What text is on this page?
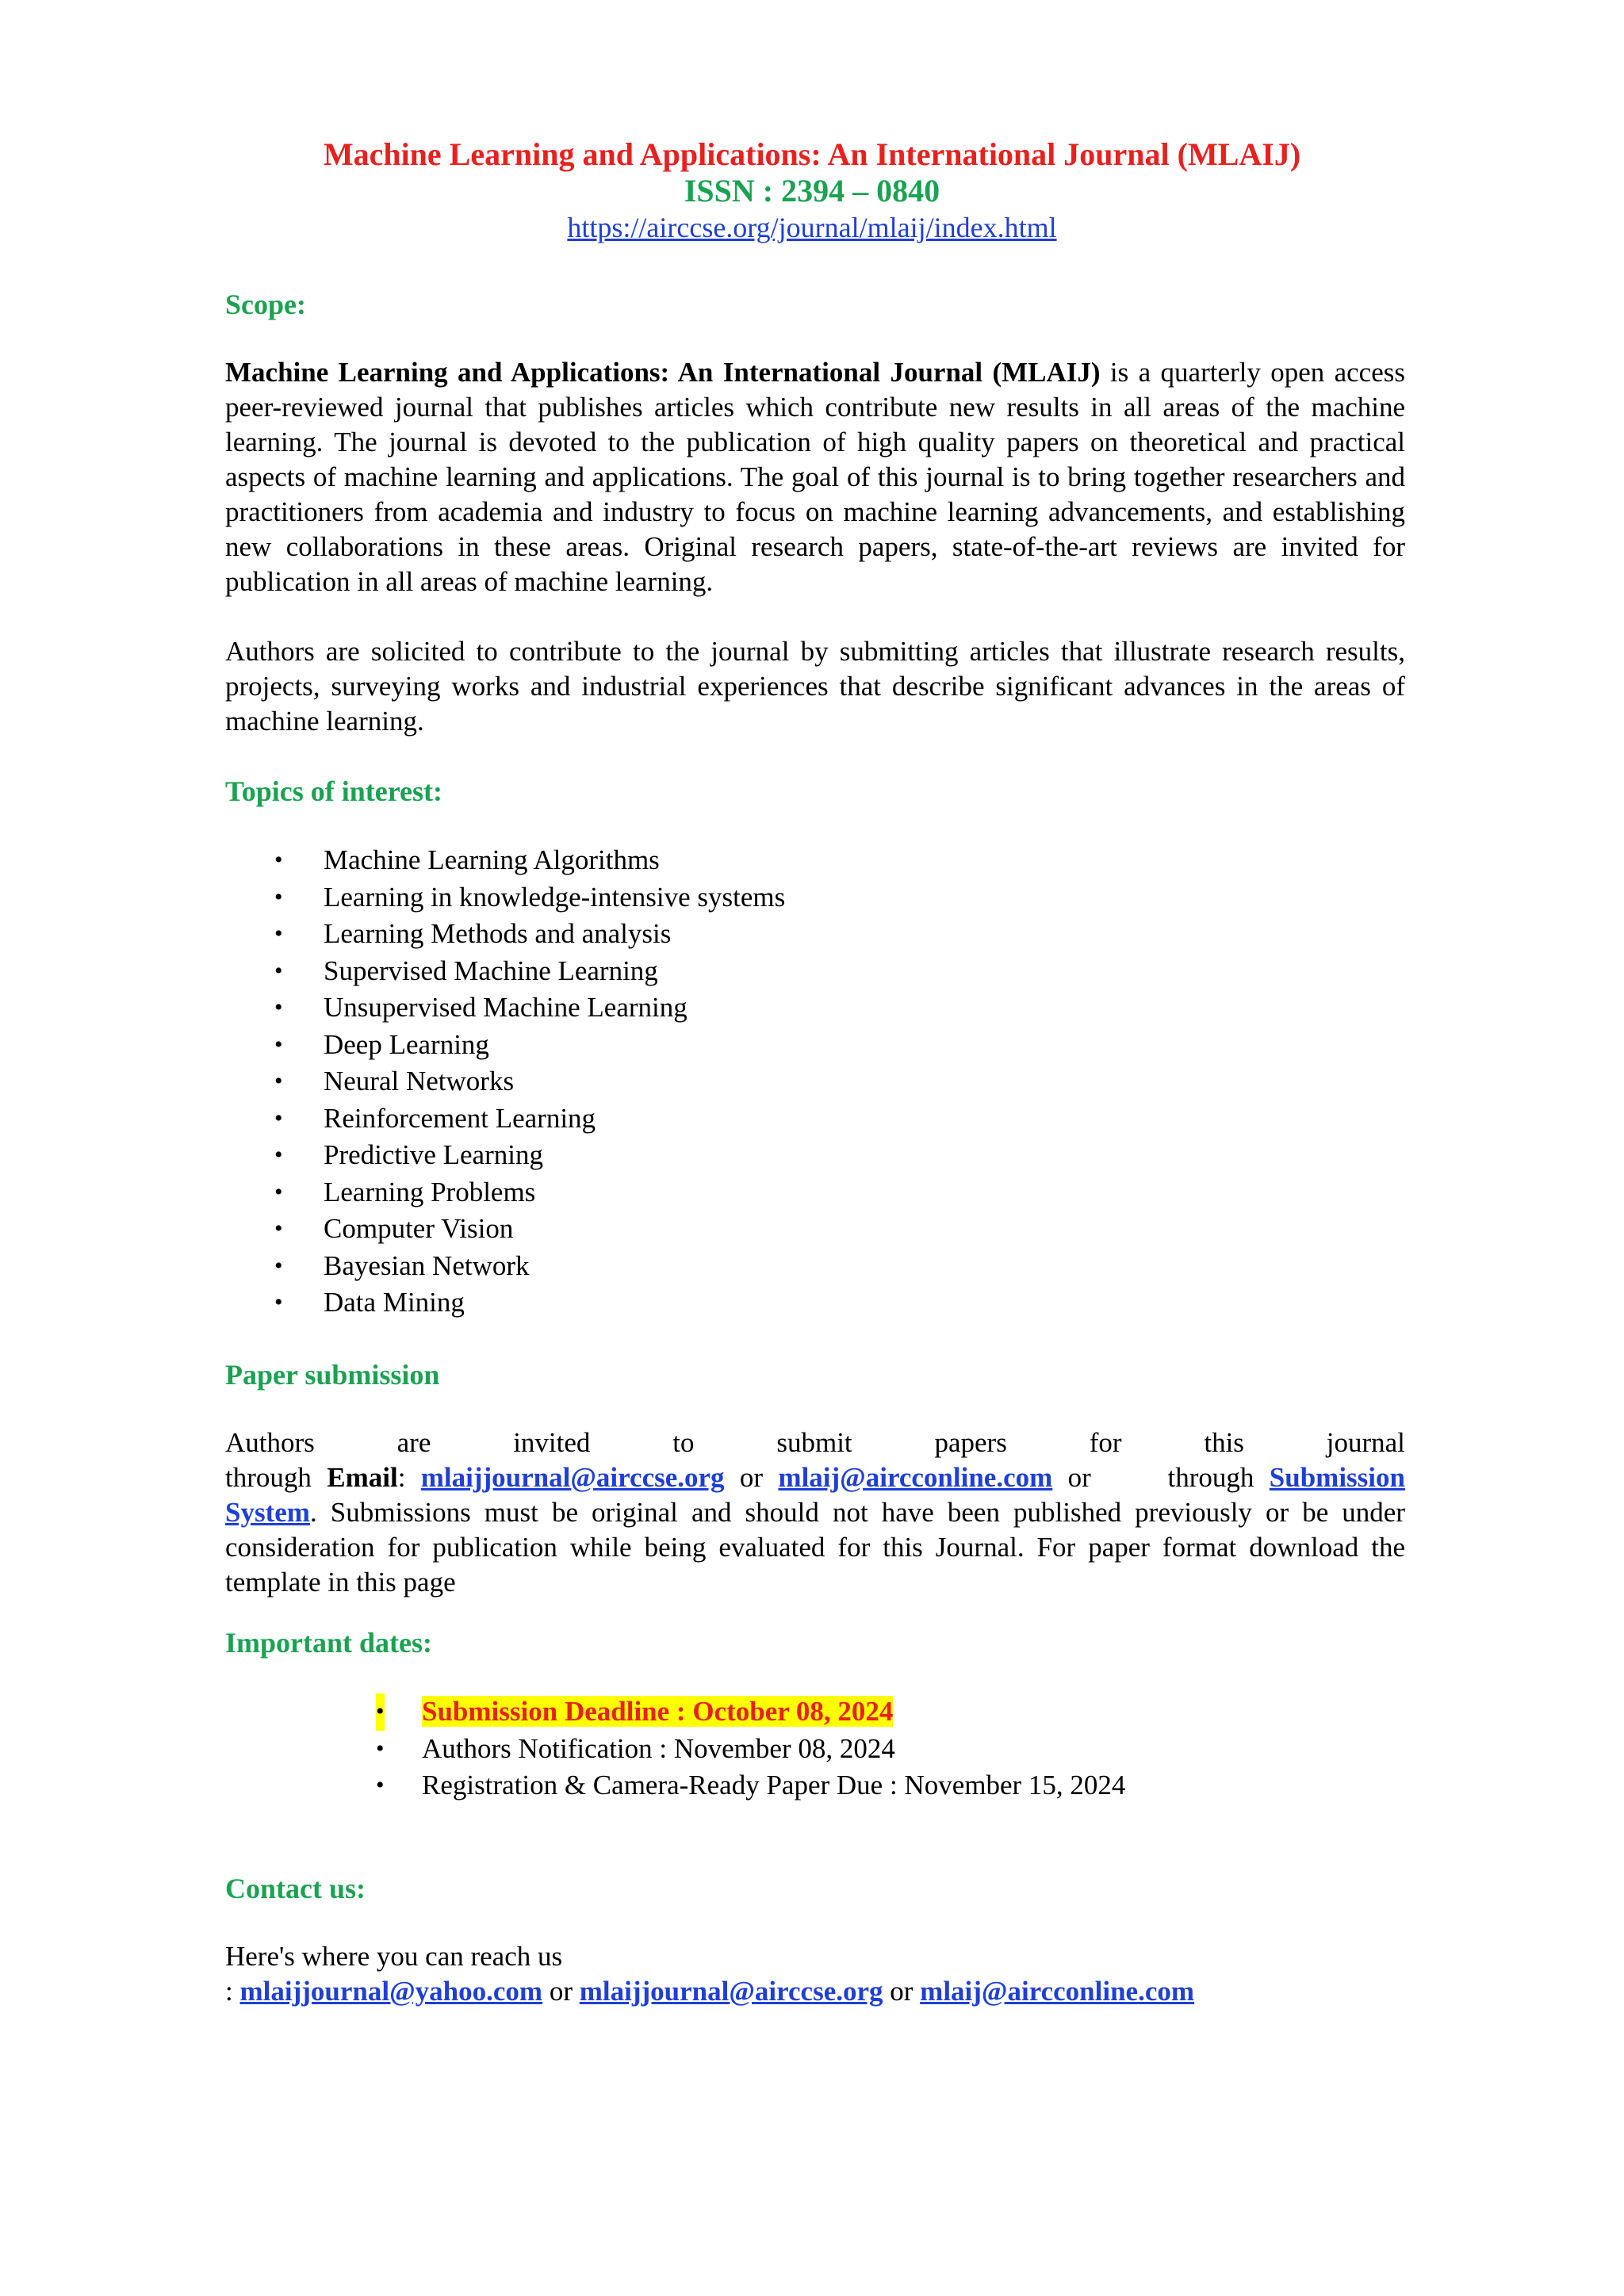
Machine Learning and Applications: An International Journal (MLAIJ)
ISSN : 2394 – 0840
https://airccse.org/journal/mlaij/index.html
Scope:

Machine Learning and Applications: An International Journal (MLAIJ) is a quarterly open access peer-reviewed journal that publishes articles which contribute new results in all areas of the machine learning. The journal is devoted to the publication of high quality papers on theoretical and practical aspects of machine learning and applications. The goal of this journal is to bring together researchers and practitioners from academia and industry to focus on machine learning advancements, and establishing new collaborations in these areas. Original research papers, state-of-the-art reviews are invited for publication in all areas of machine learning.

Authors are solicited to contribute to the journal by submitting articles that illustrate research results, projects, surveying works and industrial experiences that describe significant advances in the areas of machine learning.

Topics of interest:
• Machine Learning Algorithms
• Learning in knowledge-intensive systems
• Learning Methods and analysis
• Supervised Machine Learning
• Unsupervised Machine Learning
• Deep Learning
• Neural Networks
• Reinforcement Learning
• Predictive Learning
• Learning Problems
• Computer Vision
• Bayesian Network
• Data Mining
Paper submission
Authors	are	invited	to	submit	papers	for	this	journal

through Email: mlaijjournal@airccse.org or mlaij@aircconline.com or     through Submission System. Submissions must be original and should not have been published previously or be under consideration for publication while being evaluated for this Journal. For paper format download the template in this page

Important dates:
• Submission Deadline : October 08, 2024
• Authors Notification : November 08, 2024
• Registration & Camera-Ready Paper Due : November 15, 2024
Contact us:

Here's where you can reach us

: mlaijjournal@yahoo.com or mlaijjournal@airccse.org or mlaij@aircconline.com
